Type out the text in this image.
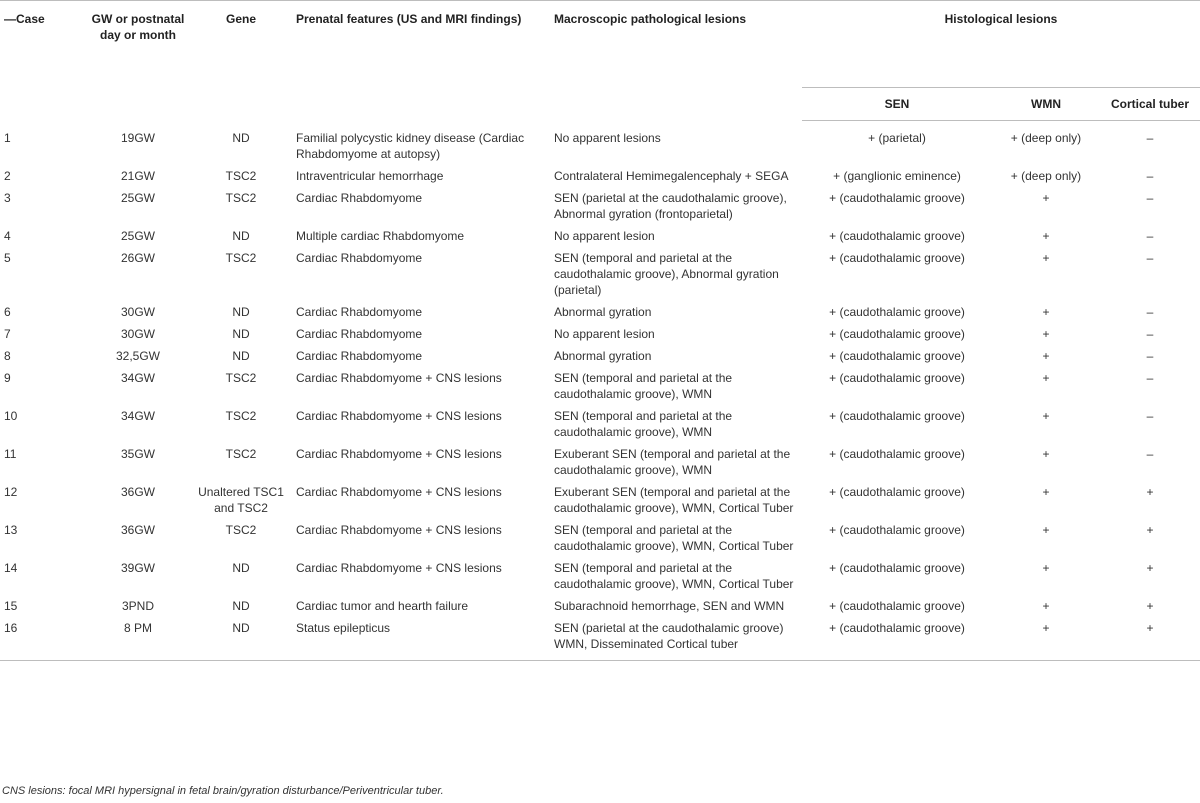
—Case	GW or postnatal day or month	Gene	Prenatal features (US and MRI findings)	Macroscopic pathological lesions	Histological lesions		
					SEN	WMN	Cortical tuber
1	19GW	ND	Familial polycystic kidney disease (Cardiac Rhabdomyome at autopsy)	No apparent lesions	+ (parietal)	+ (deep only)	–
2	21GW	TSC2	Intraventricular hemorrhage	Contralateral Hemimegalencephaly + SEGA	+ (ganglionic eminence)	+ (deep only)	–
3	25GW	TSC2	Cardiac Rhabdomyome	SEN (parietal at the caudothalamic groove), Abnormal gyration (frontoparietal)	+ (caudothalamic groove)	+	–
4	25GW	ND	Multiple cardiac Rhabdomyome	No apparent lesion	+ (caudothalamic groove)	+	–
5	26GW	TSC2	Cardiac Rhabdomyome	SEN (temporal and parietal at the caudothalamic groove), Abnormal gyration (parietal)	+ (caudothalamic groove)	+	–
6	30GW	ND	Cardiac Rhabdomyome	Abnormal gyration	+ (caudothalamic groove)	+	–
7	30GW	ND	Cardiac Rhabdomyome	No apparent lesion	+ (caudothalamic groove)	+	–
8	32,5GW	ND	Cardiac Rhabdomyome	Abnormal gyration	+ (caudothalamic groove)	+	–
9	34GW	TSC2	Cardiac Rhabdomyome + CNS lesions	SEN (temporal and parietal at the caudothalamic groove), WMN	+ (caudothalamic groove)	+	–
10	34GW	TSC2	Cardiac Rhabdomyome + CNS lesions	SEN (temporal and parietal at the caudothalamic groove), WMN	+ (caudothalamic groove)	+	–
11	35GW	TSC2	Cardiac Rhabdomyome + CNS lesions	Exuberant SEN (temporal and parietal at the caudothalamic groove), WMN	+ (caudothalamic groove)	+	–
12	36GW	Unaltered TSC1 and TSC2	Cardiac Rhabdomyome + CNS lesions	Exuberant SEN (temporal and parietal at the caudothalamic groove), WMN, Cortical Tuber	+ (caudothalamic groove)	+	+
13	36GW	TSC2	Cardiac Rhabdomyome + CNS lesions	SEN (temporal and parietal at the caudothalamic groove), WMN, Cortical Tuber	+ (caudothalamic groove)	+	+
14	39GW	ND	Cardiac Rhabdomyome + CNS lesions	SEN (temporal and parietal at the caudothalamic groove), WMN, Cortical Tuber	+ (caudothalamic groove)	+	+
15	3PND	ND	Cardiac tumor and hearth failure	Subarachnoid hemorrhage, SEN and WMN	+ (caudothalamic groove)	+	+
16	8 PM	ND	Status epilepticus	SEN (parietal at the caudothalamic groove) WMN, Disseminated Cortical tuber	+ (caudothalamic groove)	+	+
CNS lesions: focal MRI hypersignal in fetal brain/gyration disturbance/Periventricular tuber.
